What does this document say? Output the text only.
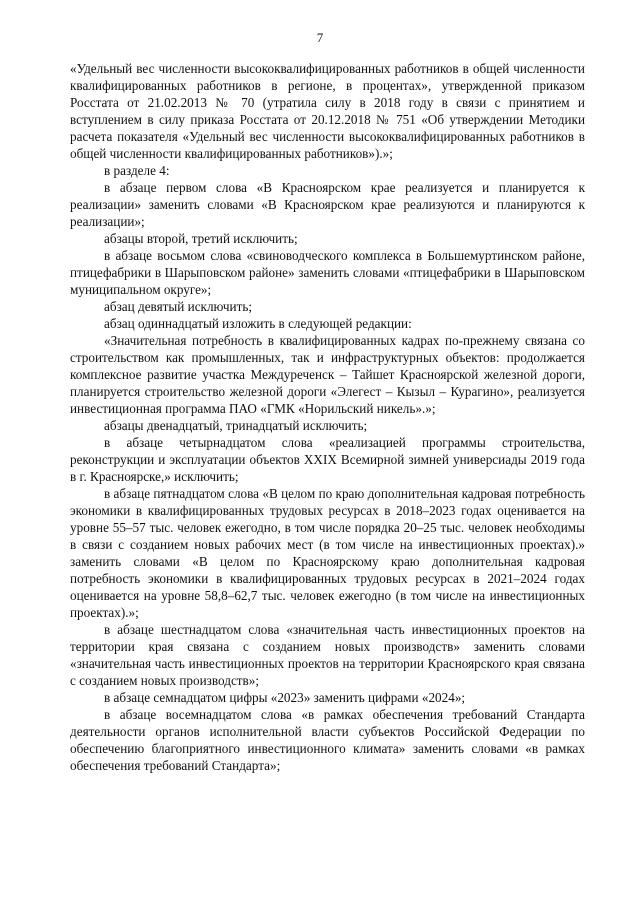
7

«Удельный вес численности высококвалифицированных работников в общей численности квалифицированных работников в регионе, в процентах», утвержденной приказом Росстата от 21.02.2013 № 70 (утратила силу в 2018 году в связи с принятием и вступлением в силу приказа Росстата от 20.12.2018 № 751 «Об утверждении Методики расчета показателя «Удельный вес численности высококвалифицированных работников в общей численности квалифицированных работников»).»;

в разделе 4:

в абзаце первом слова «В Красноярском крае реализуется и планируется к реализации» заменить словами «В Красноярском крае реализуются и планируются к реализации»;

абзацы второй, третий исключить;

в абзаце восьмом слова «свиноводческого комплекса в Большемуртинском районе, птицефабрики в Шарыповском районе» заменить словами «птицефабрики в Шарыповском муниципальном округе»;

абзац девятый исключить;

абзац одиннадцатый изложить в следующей редакции:

«Значительная потребность в квалифицированных кадрах по-прежнему связана со строительством как промышленных, так и инфраструктурных объектов: продолжается комплексное развитие участка Междуреченск – Тайшет Красноярской железной дороги, планируется строительство железной дороги «Элегест – Кызыл – Курагино», реализуется инвестиционная программа ПАО «ГМК «Норильский никель».»;

абзацы двенадцатый, тринадцатый исключить;

в абзаце четырнадцатом слова «реализацией программы строительства, реконструкции и эксплуатации объектов XXIX Всемирной зимней универсиады 2019 года в г. Красноярске,» исключить;

в абзаце пятнадцатом слова «В целом по краю дополнительная кадровая потребность экономики в квалифицированных трудовых ресурсах в 2018–2023 годах оценивается на уровне 55–57 тыс. человек ежегодно, в том числе порядка 20–25 тыс. человек необходимы в связи с созданием новых рабочих мест (в том числе на инвестиционных проектах).» заменить словами «В целом по Красноярскому краю дополнительная кадровая потребность экономики в квалифицированных трудовых ресурсах в 2021–2024 годах оценивается на уровне 58,8–62,7 тыс. человек ежегодно (в том числе на инвестиционных проектах).»;

в абзаце шестнадцатом слова «значительная часть инвестиционных проектов на территории края связана с созданием новых производств» заменить словами «значительная часть инвестиционных проектов на территории Красноярского края связана с созданием новых производств»;

в абзаце семнадцатом цифры «2023» заменить цифрами «2024»;

в абзаце восемнадцатом слова «в рамках обеспечения требований Стандарта деятельности органов исполнительной власти субъектов Российской Федерации по обеспечению благоприятного инвестиционного климата» заменить словами «в рамках обеспечения требований Стандарта»;
